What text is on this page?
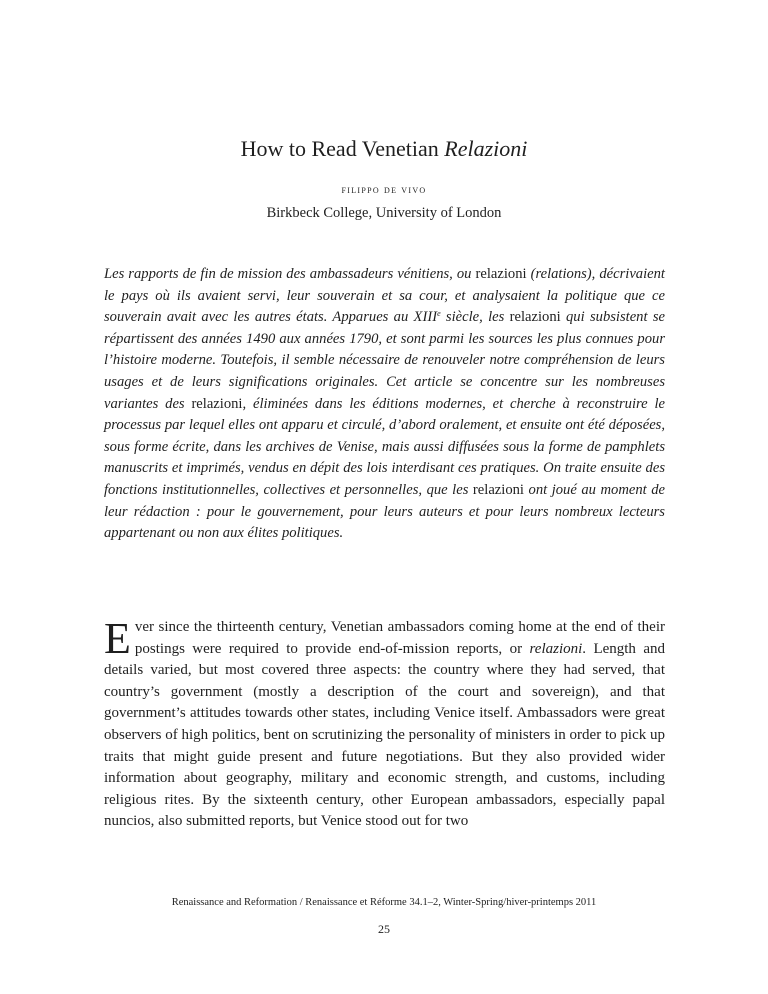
How to Read Venetian Relazioni
filippo de vivo
Birkbeck College, University of London

Les rapports de fin de mission des ambassadeurs vénitiens, ou relazioni (relations), décrivaient le pays où ils avaient servi, leur souverain et sa cour, et analysaient la politique que ce souverain avait avec les autres états. Apparues au XIIIe siècle, les relazioni qui subsistent se répartissent des années 1490 aux années 1790, et sont parmi les sources les plus connues pour l’histoire moderne. Toutefois, il semble nécessaire de renouveler notre compréhension de leurs usages et de leurs significations originales. Cet article se concentre sur les nombreuses variantes des relazioni, éliminées dans les éditions modernes, et cherche à reconstruire le processus par lequel elles ont apparu et circulé, d’abord oralement, et ensuite ont été déposées, sous forme écrite, dans les archives de Venise, mais aussi diffusées sous la forme de pamphlets manuscrits et imprimés, vendus en dépit des lois interdisant ces pratiques. On traite ensuite des fonctions institutionnelles, collectives et personnelles, que les relazioni ont joué au moment de leur rédaction : pour le gouvernement, pour leurs auteurs et pour leurs nombreux lecteurs appartenant ou non aux élites politiques.

Ever since the thirteenth century, Venetian ambassadors coming home at the end of their postings were required to provide end-of-mission reports, or relazioni. Length and details varied, but most covered three aspects: the country where they had served, that country’s government (mostly a description of the court and sovereign), and that government’s attitudes towards other states, including Venice itself. Ambassadors were great observers of high politics, bent on scrutinizing the personality of ministers in order to pick up traits that might guide present and future negotiations. But they also provided wider information about geography, military and economic strength, and customs, including religious rites. By the sixteenth century, other European ambassadors, especially papal nuncios, also submitted reports, but Venice stood out for two

Renaissance and Reformation / Renaissance et Réforme 34.1–2, Winter-Spring/hiver-printemps 2011
25
